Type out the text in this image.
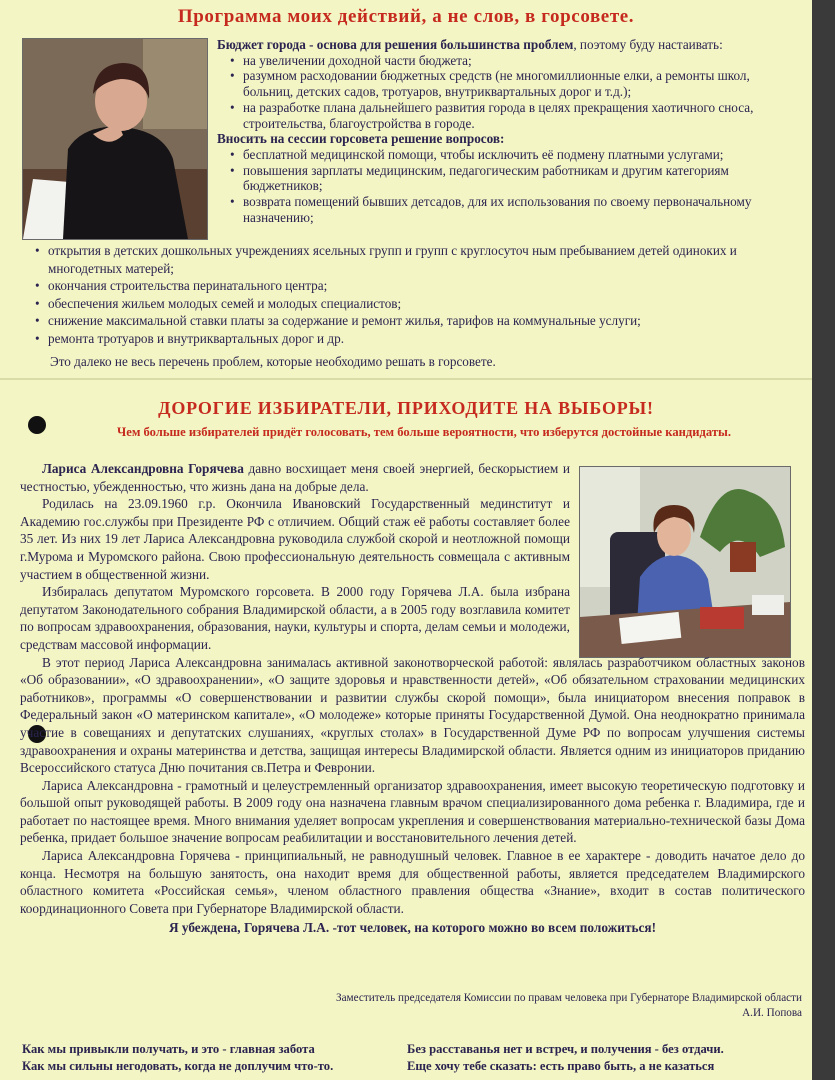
Программа моих действий, а не слов, в горсовете.
Бюджет города - основа для решения большинства проблем, поэтому буду настаивать:
• на увеличении доходной части бюджета;
• разумном расходовании бюджетных средств (не многомиллионные елки, а ремонты школ, больниц, детских садов, тротуаров, внутриквартальных дорог и т.д.);
• на разработке плана дальнейшего развития города в целях прекращения хаотичного сноса, строительства, благоустройства в городе.
Вносить на сессии горсовета решение вопросов:
• бесплатной медицинской помощи, чтобы исключить её подмену платными услугами;
• повышения зарплаты медицинским, педагогическим работникам и другим категориям бюджетников;
• возврата помещений бывших детсадов, для их использования по своему первоначальному назначению;
• открытия в детских дошкольных учреждениях ясельных групп и групп с круглосуточ ным пребыванием детей одиноких и многодетных матерей;
• окончания строительства перинатального центра;
• обеспечения жильем молодых семей и молодых специалистов;
• снижение максимальной ставки платы за содержание и ремонт жилья, тарифов на коммунальные услуги;
• ремонта тротуаров и внутриквартальных дорог и др.
Это далеко не весь перечень проблем, которые необходимо решать в горсовете.
ДОРОГИЕ ИЗБИРАТЕЛИ, ПРИХОДИТЕ НА ВЫБОРЫ!
Чем больше избирателей придёт голосовать, тем больше вероятности, что изберутся достойные кандидаты.

Лариса Александровна Горячева давно восхищает меня своей энергией, бескорыстием и честностью, убежденностью, что жизнь дана на добрые дела.

Родилась на 23.09.1960 г.р. Окончила Ивановский Государственный мединститут и Академию гос.службы при Президенте РФ с отличием. Общий стаж её работы составляет более 35 лет. Из них 19 лет Лариса Александровна руководила службой скорой и неотложной помощи г.Мурома и Муромского района. Свою профессиональную деятельность совмещала с активным участием в общественной жизни.

Избиралась депутатом Муромского горсовета. В 2000 году Горячева Л.А. была избрана депутатом Законодательного собрания Владимирской области, а в 2005 году возглавила комитет по вопросам здравоохранения, образования, науки, культуры и спорта, делам семьи и молодежи, средствам массовой информации.

В этот период Лариса Александровна занималась активной законотворческой работой: являлась разработчиком областных законов «Об образовании», «О здравоохранении», «О защите здоровья и нравственности детей», «Об обязательном страховании медицинских работников», программы «О совершенствовании и развитии службы скорой помощи», была инициатором внесения поправок в Федеральный закон «О материнском капитале», «О молодеже» которые приняты Государственной Думой. Она неоднократно принимала участие в совещаниях и депутатских слушаниях, «круглых столах» в Государственной Думе РФ по вопросам улучшения системы здравоохранения и охраны материнства и детства, защищая интересы Владимирской области. Является одним из инициаторов приданию Всероссийского статуса Дню почитания св.Петра и Февронии.

Лариса Александровна - грамотный и целеустремленный организатор здравоохранения, имеет высокую теоретическую подготовку и большой опыт руководящей работы. В 2009 году она назначена главным врачом специализированного дома ребенка г. Владимира, где и работает по настоящее время. Много внимания уделяет вопросам укрепления и совершенствования материально-технической базы Дома ребенка, придает большое значение вопросам реабилитации и восстановительного лечения детей.

Лариса Александровна Горячева - принципиальный, не равнодушный человек. Главное в ее характере - доводить начатое дело до конца. Несмотря на большую занятость, она находит время для общественной работы, является председателем Владимирского областного комитета «Российская семья», членом областного правления общества «Знание», входит в состав политического координационного Совета при Губернаторе Владимирской области.

Я убеждена, Горячева Л.А. -тот человек, на которого можно во всем положиться!

Заместитель председателя Комиссии по правам человека при Губернаторе Владимирской области
А.И. Попова
Как мы привыкли получать, и это - главная забота
Как мы сильны негодовать, когда не доплучим что-то.
Без расставанья нет и встреч, и получения - без отдачи.
Еще хочу тебе сказать: есть право быть, а не казаться
